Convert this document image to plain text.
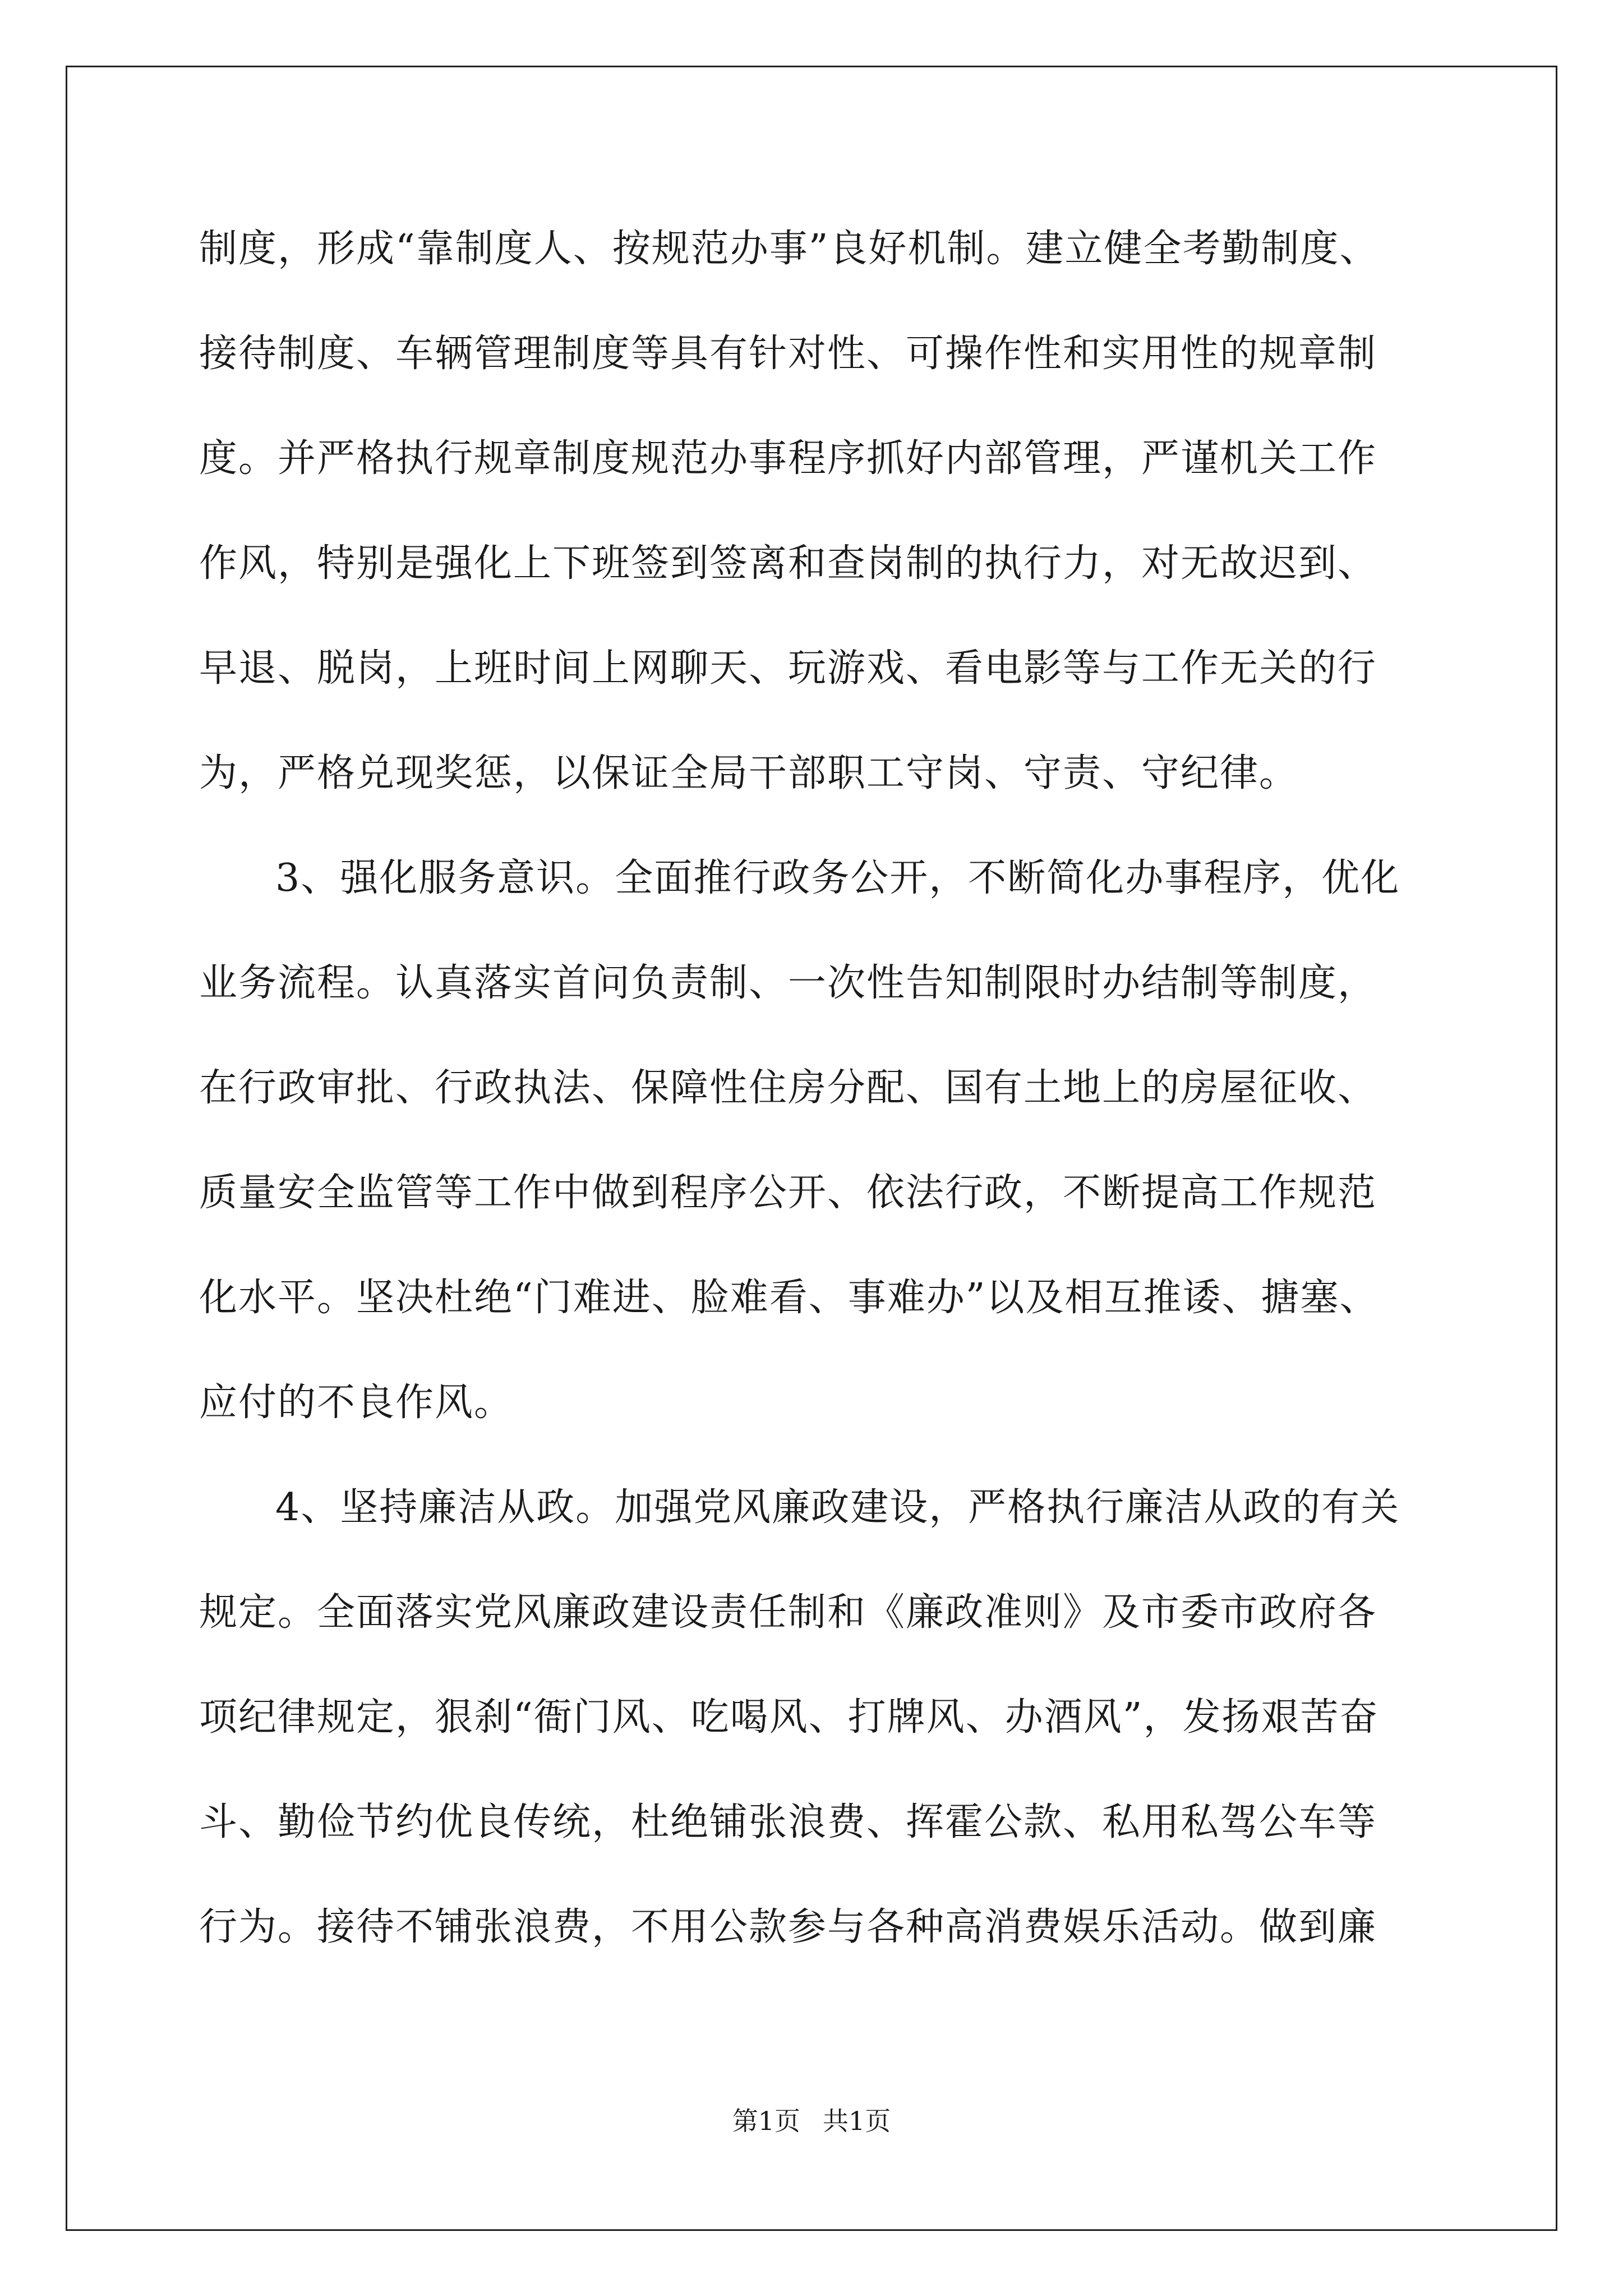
制度，形成“靠制度人、按规范办事”良好机制。建立健全考勤制度、
接待制度、车辆管理制度等具有针对性、可操作性和实用性的规章制
度。并严格执行规章制度规范办事程序抓好内部管理，严谨机关工作
作风，特别是强化上下班签到签离和查岗制的执行力，对无故迟到、
早退、脱岗，上班时间上网聊天、玩游戏、看电影等与工作无关的行
为，严格兑现奖惩，以保证全局干部职工守岗、守责、守纪律。
3、强化服务意识。全面推行政务公开，不断简化办事程序，优化
业务流程。认真落实首问负责制、一次性告知制限时办结制等制度，
在行政审批、行政执法、保障性住房分配、国有土地上的房屋征收、
质量安全监管等工作中做到程序公开、依法行政，不断提高工作规范
化水平。坚决杜绝“门难进、脸难看、事难办”以及相互推诿、搪塞、
应付的不良作风。
4、坚持廉洁从政。加强党风廉政建设，严格执行廉洁从政的有关
规定。全面落实党风廉政建设责任制和《廉政准则》及市委市政府各
项纪律规定，狠刹“衙门风、吃喝风、打牌风、办酒风”，发扬艰苦奋
斗、勤俭节约优良传统，杜绝铺张浪费、挥霍公款、私用私驾公车等
行为。接待不铺张浪费，不用公款参与各种高消费娱乐活动。做到廉
第1页 共1页
